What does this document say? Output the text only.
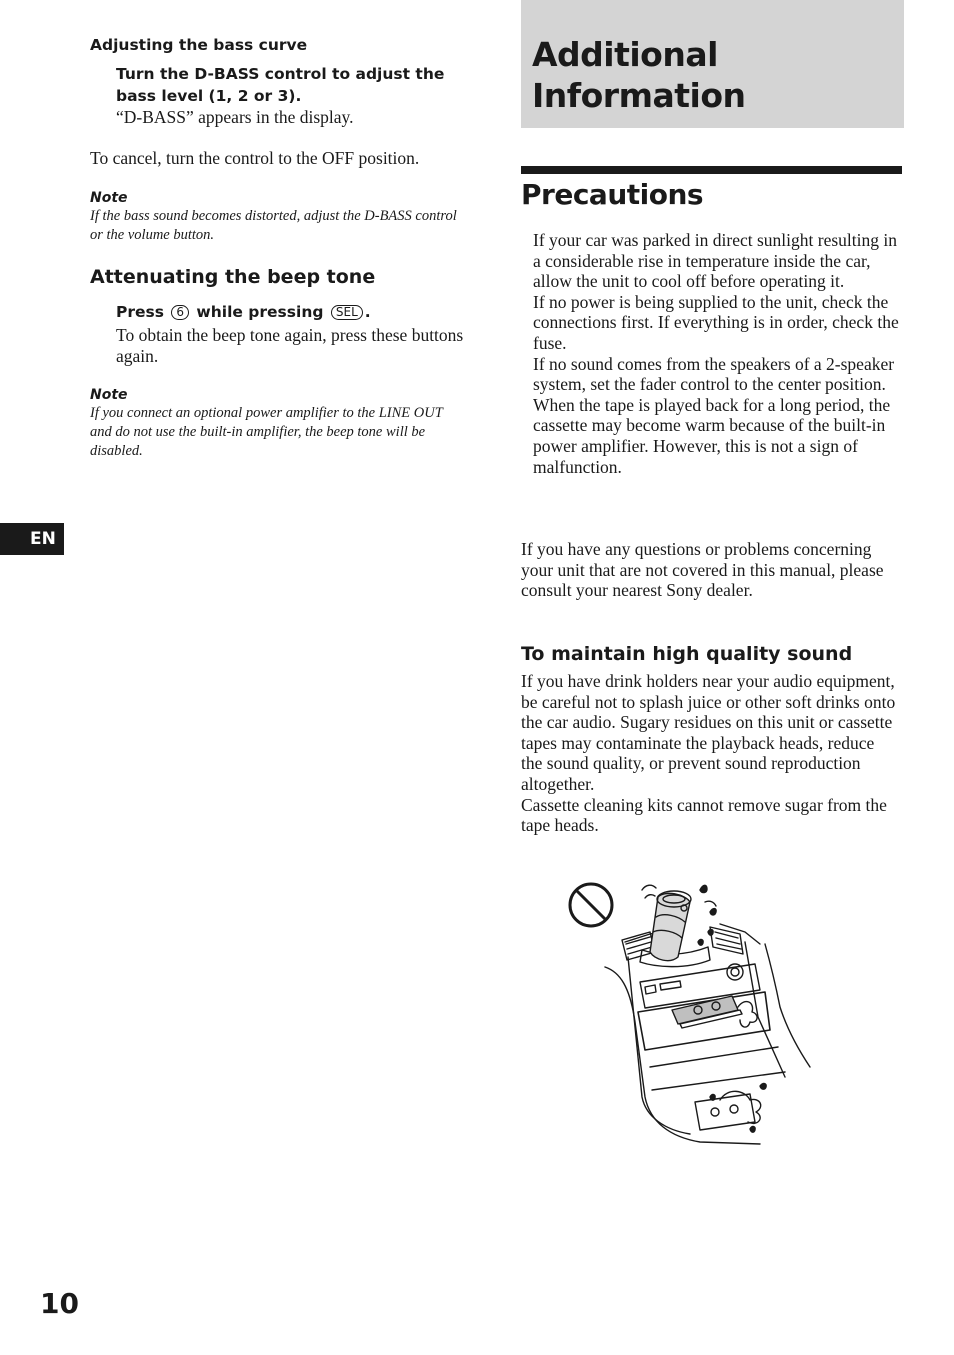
Adjusting the bass curve
Turn the D-BASS control to adjust the bass level (1, 2 or 3).
“D-BASS” appears in the display.
To cancel, turn the control to the OFF position.
Note
If the bass sound becomes distorted, adjust the D-BASS control or the volume button.
Attenuating the beep tone
Press 6 while pressing SEL .
To obtain the beep tone again, press these buttons again.
Note
If you connect an optional power amplifier to the LINE OUT and do not use the built-in amplifier, the beep tone will be disabled.
EN
Additional
Information
Precautions

If your car was parked in direct sunlight resulting in a considerable rise in temperature inside the car, allow the unit to cool off before operating it.

If no power is being supplied to the unit, check the connections first. If everything is in order, check the fuse.

If no sound comes from the speakers of a 2-speaker system, set the fader control to the center position.

When the tape is played back for a long period, the cassette may become warm because of the built-in power amplifier. However, this is not a sign of malfunction.

If you have any questions or problems concerning your unit that are not covered in this manual, please consult your nearest Sony dealer.
To maintain high quality sound

If you have drink holders near your audio equipment, be careful not to splash juice or other soft drinks onto the car audio. Sugary residues on this unit or cassette tapes may contaminate the playback heads, reduce the sound quality, or prevent sound reproduction altogether.

Cassette cleaning kits cannot remove sugar from the tape heads.

10
